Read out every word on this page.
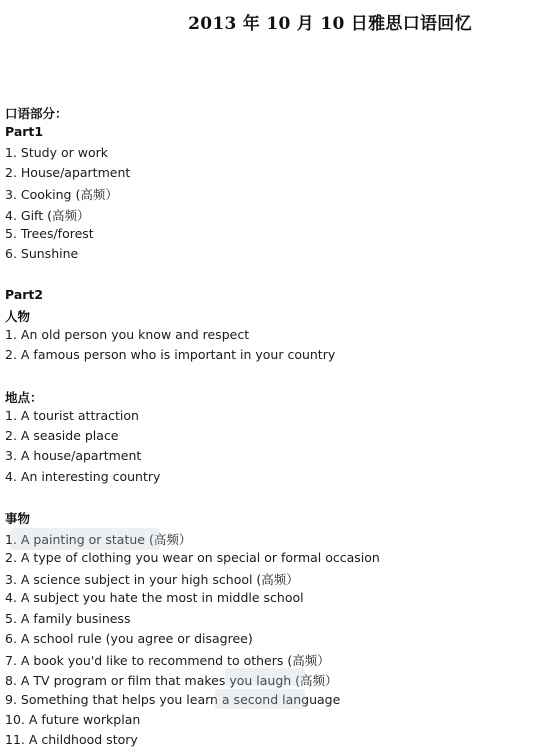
2013 年 10 月 10 日雅思口语回忆
口语部分：
Part1
1. Study or work
2. House/apartment
3. Cooking (高频）
4. Gift (高频）
5. Trees/forest
6. Sunshine
Part2
人物
1. An old person you know and respect
2. A famous person who is important in your country
地点：
1. A tourist attraction
2. A seaside place
3. A house/apartment
4. An interesting country
事物
1. A painting or statue (高频）
2. A type of clothing you wear on special or formal occasion
3. A science subject in your high school (高频）
4. A subject you hate the most in middle school
5. A family business
6. A school rule (you agree or disagree)
7. A book you'd like to recommend to others (高频）
8. A TV program or film that makes you laugh (高频）
9. Something that helps you learn a second language
10. A future workplan
11. A childhood story
